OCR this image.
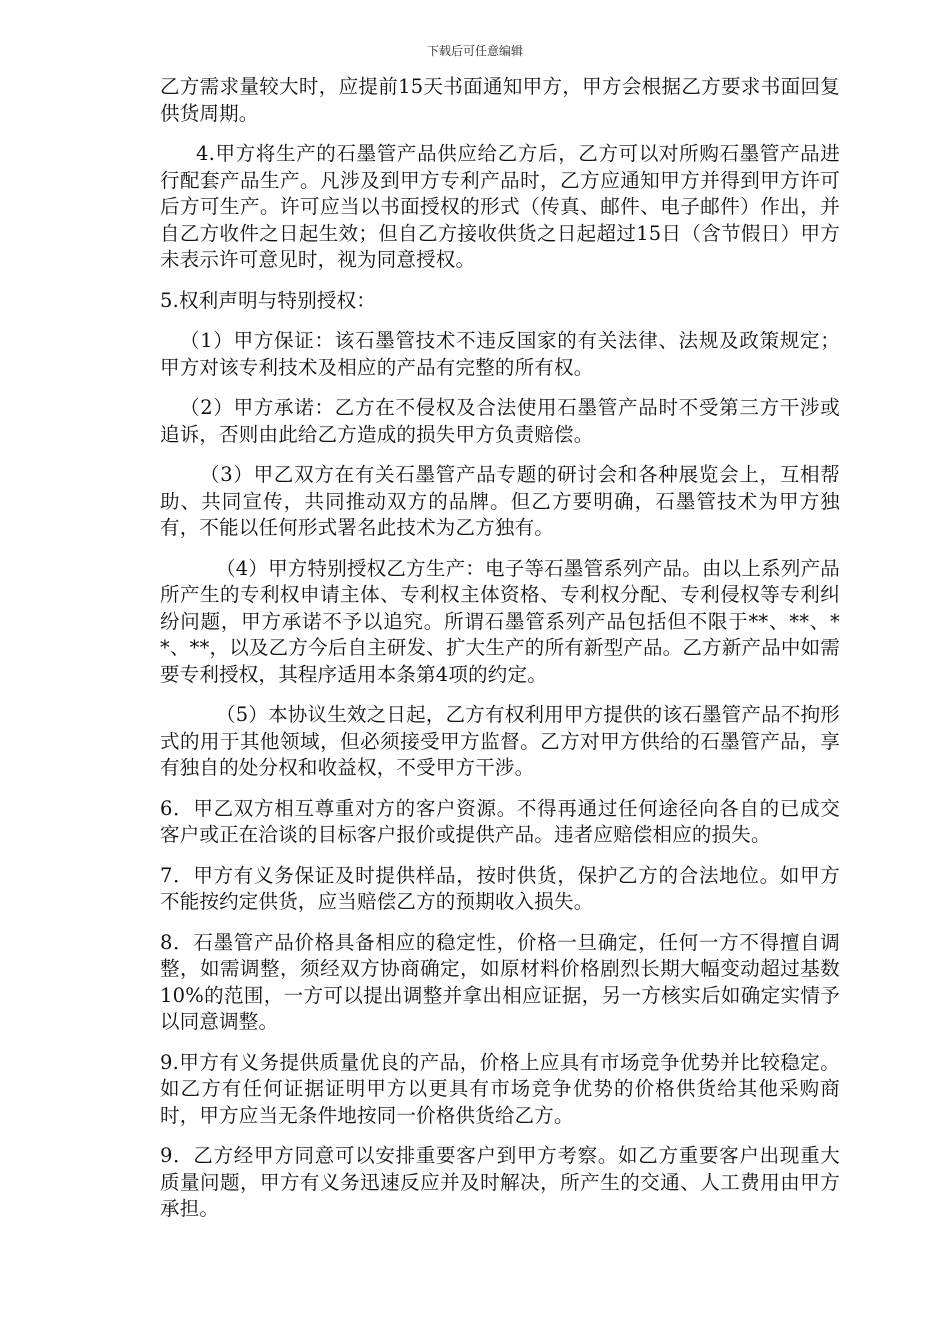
下载后可任意编辑

乙方需求量较大时，应提前15天书面通知甲方，甲方会根据乙方要求书面回复供货周期。

4.甲方将生产的石墨管产品供应给乙方后，乙方可以对所购石墨管产品进行配套产品生产。凡涉及到甲方专利产品时，乙方应通知甲方并得到甲方许可后方可生产。许可应当以书面授权的形式（传真、邮件、电子邮件）作出，并自乙方收件之日起生效；但自乙方接收供货之日起超过15日（含节假日）甲方未表示许可意见时，视为同意授权。

5.权利声明与特别授权：

（1）甲方保证：该石墨管技术不违反国家的有关法律、法规及政策规定；甲方对该专利技术及相应的产品有完整的所有权。

（2）甲方承诺：乙方在不侵权及合法使用石墨管产品时不受第三方干涉或追诉，否则由此给乙方造成的损失甲方负责赔偿。

（3）甲乙双方在有关石墨管产品专题的研讨会和各种展览会上，互相帮助、共同宣传，共同推动双方的品牌。但乙方要明确，石墨管技术为甲方独有，不能以任何形式署名此技术为乙方独有。

（4）甲方特别授权乙方生产：电子等石墨管系列产品。由以上系列产品所产生的专利权申请主体、专利权主体资格、专利权分配、专利侵权等专利纠纷问题，甲方承诺不予以追究。所谓石墨管系列产品包括但不限于**、**、**、**，以及乙方今后自主研发、扩大生产的所有新型产品。乙方新产品中如需要专利授权，其程序适用本条第4项的约定。

（5）本协议生效之日起，乙方有权利用甲方提供的该石墨管产品不拘形式的用于其他领域，但必须接受甲方监督。乙方对甲方供给的石墨管产品，享有独自的处分权和收益权，不受甲方干涉。

6．甲乙双方相互尊重对方的客户资源。不得再通过任何途径向各自的已成交客户或正在洽谈的目标客户报价或提供产品。违者应赔偿相应的损失。

7．甲方有义务保证及时提供样品，按时供货，保护乙方的合法地位。如甲方不能按约定供货，应当赔偿乙方的预期收入损失。

8．石墨管产品价格具备相应的稳定性，价格一旦确定，任何一方不得擅自调整，如需调整，须经双方协商确定，如原材料价格剧烈长期大幅变动超过基数10%的范围，一方可以提出调整并拿出相应证据，另一方核实后如确定实情予以同意调整。

9.甲方有义务提供质量优良的产品，价格上应具有市场竞争优势并比较稳定。如乙方有任何证据证明甲方以更具有市场竞争优势的价格供货给其他采购商时，甲方应当无条件地按同一价格供货给乙方。

9．乙方经甲方同意可以安排重要客户到甲方考察。如乙方重要客户出现重大质量问题，甲方有义务迅速反应并及时解决，所产生的交通、人工费用由甲方承担。
